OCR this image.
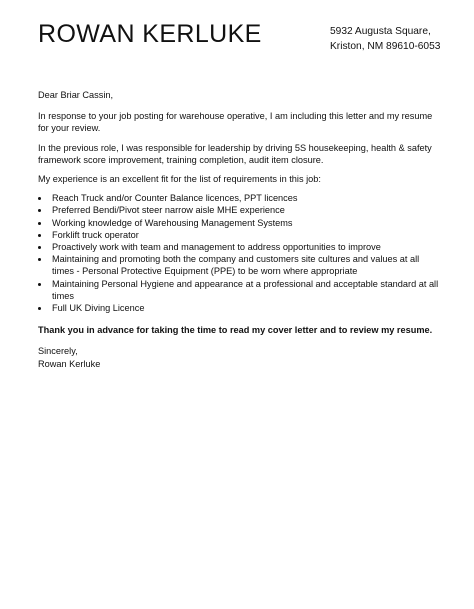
ROWAN KERLUKE	5932 Augusta Square,
Kriston, NM 89610-6053

Dear Briar Cassin,

In response to your job posting for warehouse operative, I am including this letter and my resume for your review.

In the previous role, I was responsible for leadership by driving 5S housekeeping, health & safety framework score improvement, training completion, audit item closure.

My experience is an excellent fit for the list of requirements in this job:

• Reach Truck and/or Counter Balance licences, PPT licences
• Preferred Bendi/Pivot steer narrow aisle MHE experience
• Working knowledge of Warehousing Management Systems
• Forklift truck operator
• Proactively work with team and management to address opportunities to improve
• Maintaining and promoting both the company and customers site cultures and values at all times - Personal Protective Equipment (PPE) to be worn where appropriate
• Maintaining Personal Hygiene and appearance at a professional and acceptable standard at all times
• Full UK Diving Licence

Thank you in advance for taking the time to read my cover letter and to review my resume.

Sincerely,

Rowan Kerluke
